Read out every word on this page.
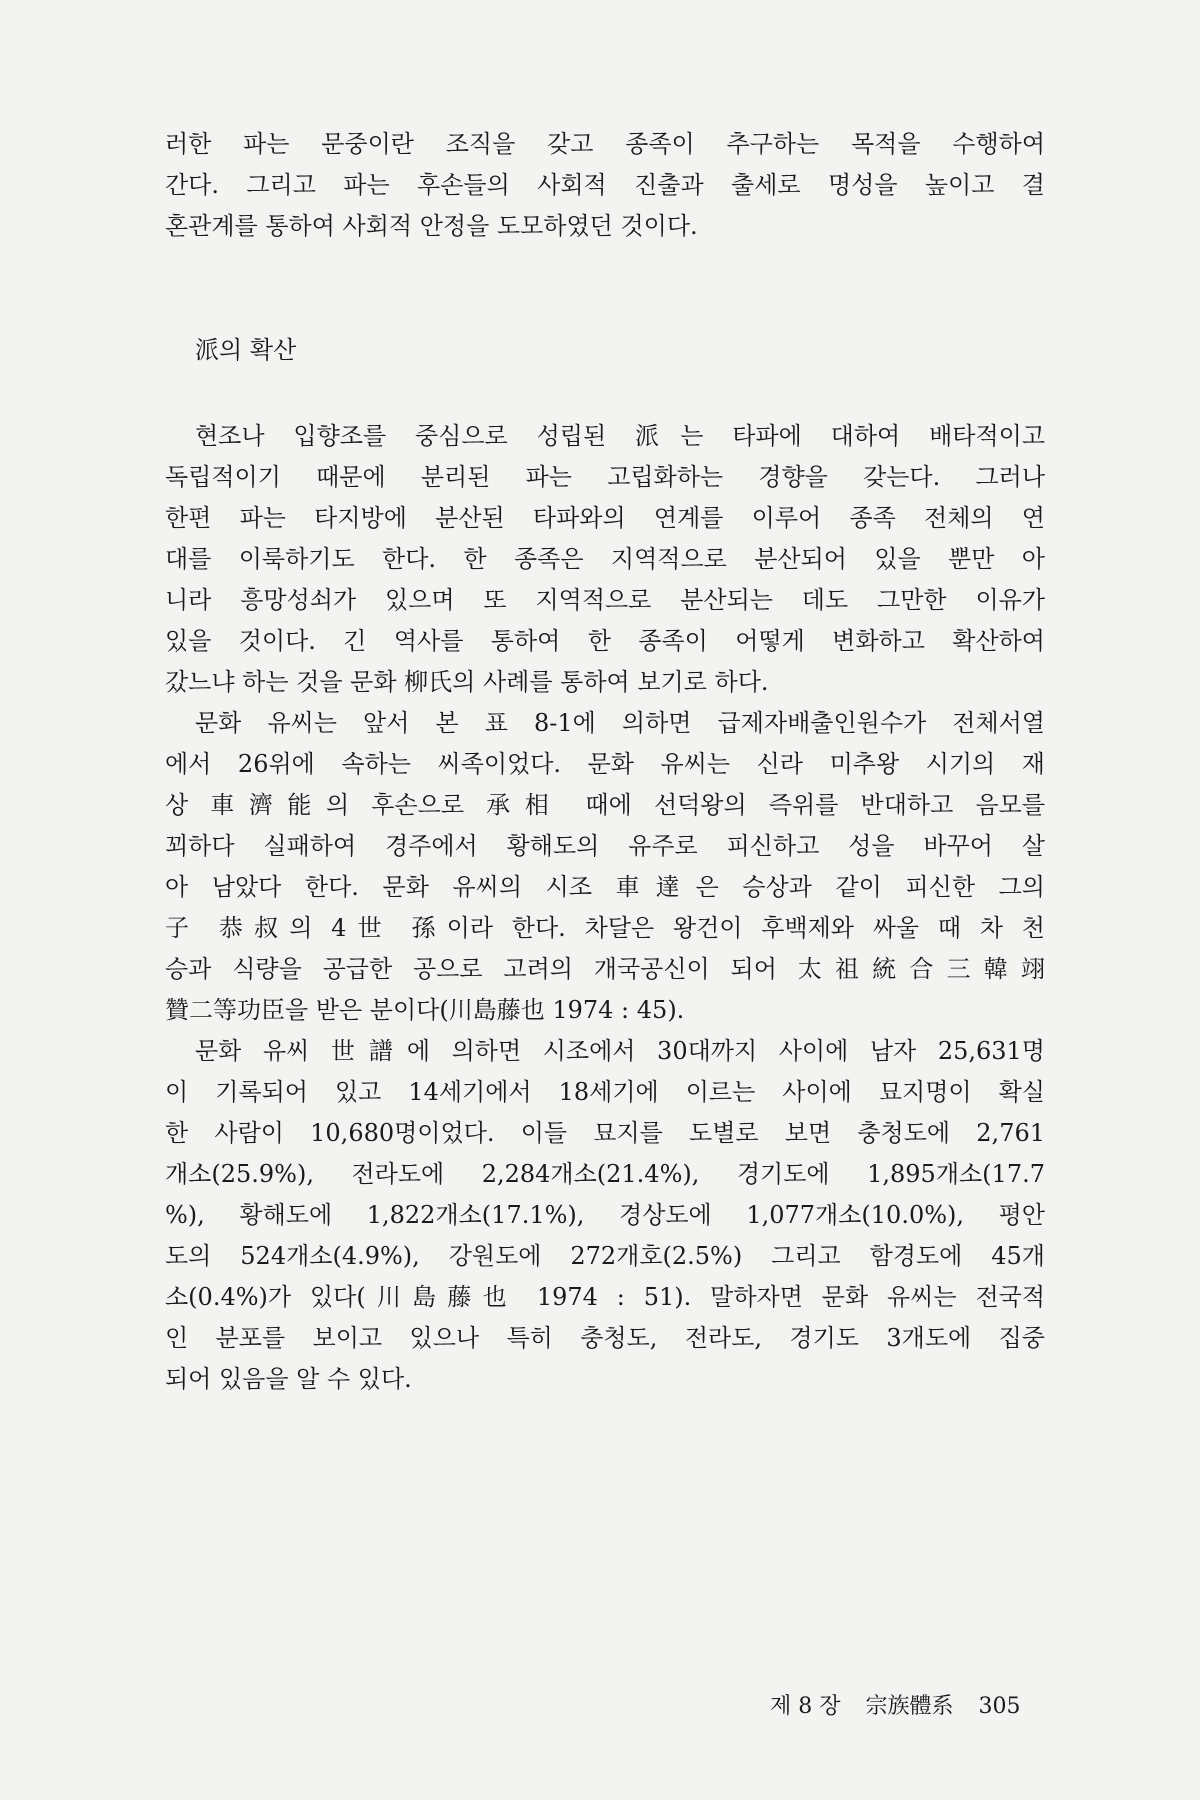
러한 파는 문중이란 조직을 갖고 종족이 추구하는 목적을 수행하여
간다. 그리고 파는 후손들의 사회적 진출과 출세로 명성을 높이고 결
혼관계를 통하여 사회적 안정을 도모하였던 것이다.
派의 확산
현조나 입향조를 중심으로 성립된 派는 타파에 대하여 배타적이고
독립적이기 때문에 분리된 파는 고립화하는 경향을 갖는다. 그러나
한편 파는 타지방에 분산된 타파와의 연계를 이루어 종족 전체의 연
대를 이룩하기도 한다. 한 종족은 지역적으로 분산되어 있을 뿐만 아
니라 흥망성쇠가 있으며 또 지역적으로 분산되는 데도 그만한 이유가
있을 것이다. 긴 역사를 통하여 한 종족이 어떻게 변화하고 확산하여
갔느냐 하는 것을 문화 柳氏의 사례를 통하여 보기로 하다.
문화 유씨는 앞서 본 표 8-1에 의하면 급제자배출인원수가 전체서열
에서 26위에 속하는 씨족이었다. 문화 유씨는 신라 미추왕 시기의 재
상 車濟能의 후손으로 承相 때에 선덕왕의 즉위를 반대하고 음모를
꾀하다 실패하여 경주에서 황해도의 유주로 피신하고 성을 바꾸어 살
아 남았다 한다. 문화 유씨의 시조 車達은 승상과 같이 피신한 그의
子 恭叔의 4世 孫이라 한다. 차달은 왕건이 후백제와 싸울 때 차 천
승과 식량을 공급한 공으로 고려의 개국공신이 되어 太祖統合三韓翊
贊二等功臣을 받은 분이다(川島藤也 1974 : 45).
문화 유씨 世譜에 의하면 시조에서 30대까지 사이에 남자 25,631명
이 기록되어 있고 14세기에서 18세기에 이르는 사이에 묘지명이 확실
한 사람이 10,680명이었다. 이들 묘지를 도별로 보면 충청도에 2,761
개소(25.9%), 전라도에 2,284개소(21.4%), 경기도에 1,895개소(17.7
%), 황해도에 1,822개소(17.1%), 경상도에 1,077개소(10.0%), 평안
도의 524개소(4.9%), 강원도에 272개호(2.5%) 그리고 함경도에 45개
소(0.4%)가 있다(川島藤也 1974 : 51). 말하자면 문화 유씨는 전국적
인 분포를 보이고 있으나 특히 충청도, 전라도, 경기도 3개도에 집중
되어 있음을 알 수 있다.
제 8 장 宗族體系 305
